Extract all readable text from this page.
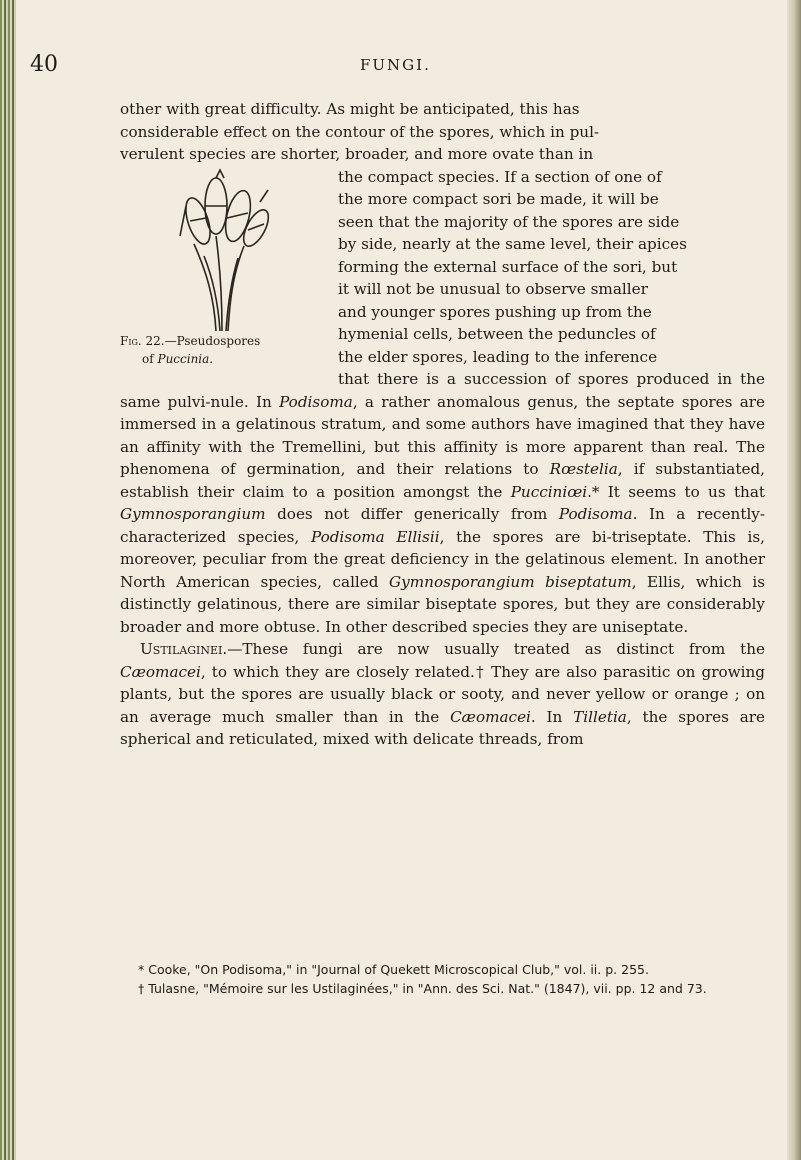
40	FUNGI.
other with great difficulty. As might be anticipated, this has
considerable effect on the contour of the spores, which in pul-
verulent species are shorter, broader, and more ovate than in
Fig. 22.—Pseudospores
of Puccinia.
the compact species. If a section of one of
the more compact sori be made, it will be
seen that the majority of the spores are side
by side, nearly at the same level, their apices
forming the external surface of the sori, but
it will not be unusual to observe smaller
and younger spores pushing up from the
hymenial cells, between the peduncles of
the elder spores, leading to the inference

that there is a succession of spores produced in the same pulvi-nule. In Podisoma, a rather anomalous genus, the septate spores are immersed in a gelatinous stratum, and some authors have imagined that they have an affinity with the Tremellini, but this affinity is more apparent than real. The phenomena of germination, and their relations to Rœstelia, if substantiated, establish their claim to a position amongst the Pucciniœi.* It seems to us that Gymnosporangium does not differ generically from Podisoma. In a recently-characterized species, Podisoma Ellisii, the spores are bi-triseptate. This is, moreover, peculiar from the great deficiency in the gelatinous element. In another North American species, called Gymnosporangium biseptatum, Ellis, which is distinctly gelatinous, there are similar biseptate spores, but they are considerably broader and more obtuse. In other described species they are uniseptate.

Ustilaginei.—These fungi are now usually treated as distinct from the Cæomacei, to which they are closely related.† They are also parasitic on growing plants, but the spores are usually black or sooty, and never yellow or orange ; on an average much smaller than in the Cæomacei. In Tilletia, the spores are spherical and reticulated, mixed with delicate threads, from

* Cooke, "On Podisoma," in "Journal of Quekett Microscopical Club," vol. ii. p. 255.

† Tulasne, "Mémoire sur les Ustilaginées," in "Ann. des Sci. Nat." (1847), vii. pp. 12 and 73.
